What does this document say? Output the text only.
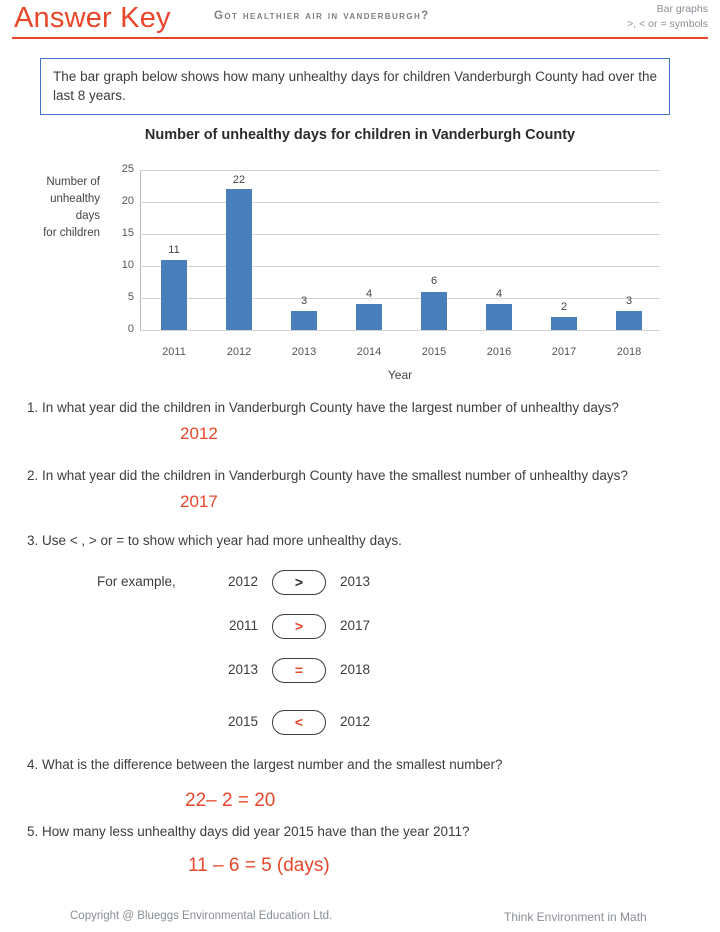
Answer Key	got healthier air in vanderburgh?
Bar graphs
>, < or = symbols
The bar graph below shows how many unhealthy days for children Vanderburgh County had over the last 8 years.
Number of unhealthy days for children in Vanderburgh County
Number of
unhealthy
days
for children
25
20
15
10
5
0
11
22
3
4
6
4
2	3
2011	2012	2013	2014	2015	2016	2017	2018
Year
1. In what year did the children in Vanderburgh County have the largest number of unhealthy days?
2012
2. In what year did the children in Vanderburgh County have the smallest number of unhealthy days?
2017
3. Use < , > or = to show which year had more unhealthy days.
For example,	2012	>	2013
2011	>	2017
2013	=	2018
2015	<	2012
4. What is the difference between the largest number and the smallest number?
22– 2 = 20
5. How many less unhealthy days did year 2015 have than the year 2011?
11 – 6 = 5 (days)
Copyright @ Blueggs Environmental Education Ltd.	Think Environment in Math
